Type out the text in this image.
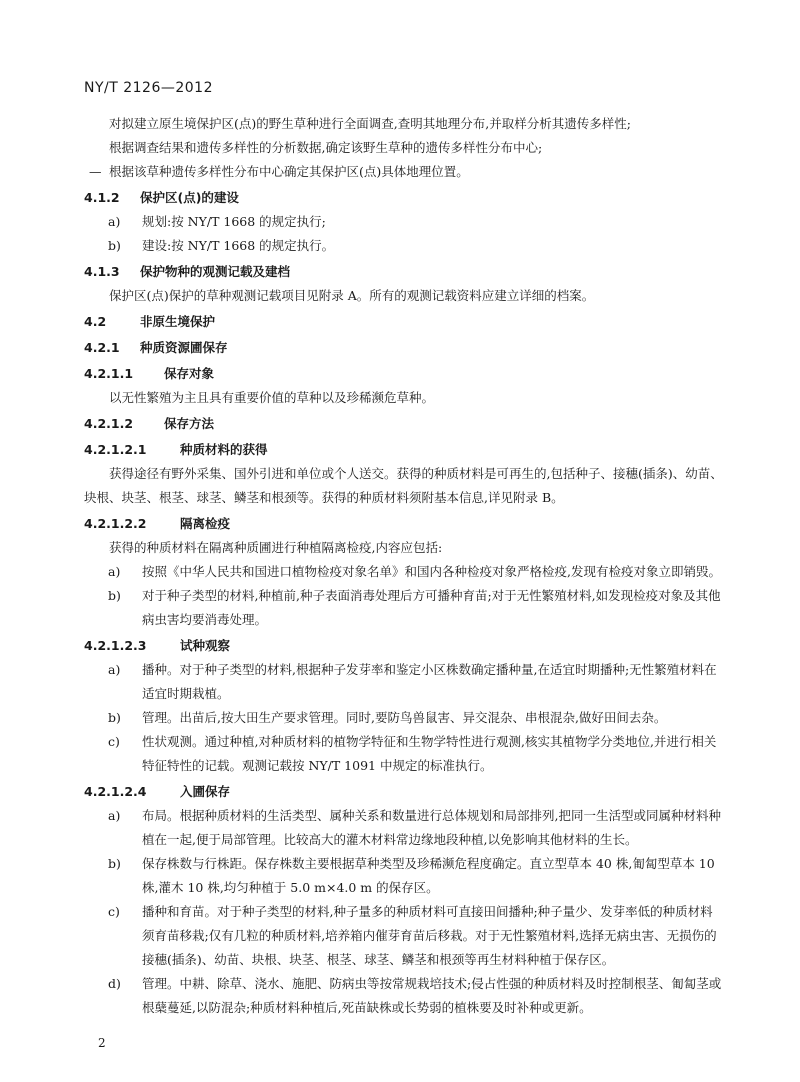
NY/T 2126—2012

对拟建立原生境保护区(点)的野生草种进行全面调查,查明其地理分布,并取样分析其遗传多样性;

根据调查结果和遗传多样性的分析数据,确定该野生草种的遗传多样性分布中心;

— 根据该草种遗传多样性分布中心确定其保护区(点)具体地理位置。

4.1.2 保护区(点)的建设

a) 规划:按 NY/T 1668 的规定执行;

b) 建设:按 NY/T 1668 的规定执行。

4.1.3 保护物种的观测记载及建档

保护区(点)保护的草种观测记载项目见附录 A。所有的观测记载资料应建立详细的档案。

4.2	非原生境保护

4.2.1 种质资源圃保存

4.2.1.1 保存对象

以无性繁殖为主且具有重要价值的草种以及珍稀濒危草种。

4.2.1.2 保存方法

4.2.1.2.1	种质材料的获得

获得途径有野外采集、国外引进和单位或个人送交。获得的种质材料是可再生的,包括种子、接穗(插条)、幼苗、块根、块茎、根茎、球茎、鳞茎和根颈等。获得的种质材料须附基本信息,详见附录 B。

4.2.1.2.2	隔离检疫

获得的种质材料在隔离种质圃进行种植隔离检疫,内容应包括:

a) 按照《中华人民共和国进口植物检疫对象名单》和国内各种检疫对象严格检疫,发现有检疫对象立即销毁。

b) 对于种子类型的材料,种植前,种子表面消毒处理后方可播种育苗;对于无性繁殖材料,如发现检疫对象及其他病虫害均要消毒处理。

4.2.1.2.3	试种观察

a) 播种。对于种子类型的材料,根据种子发芽率和鉴定小区株数确定播种量,在适宜时期播种;无性繁殖材料在适宜时期栽植。

b) 管理。出苗后,按大田生产要求管理。同时,要防鸟兽鼠害、异交混杂、串根混杂,做好田间去杂。

c) 性状观测。通过种植,对种质材料的植物学特征和生物学特性进行观测,核实其植物学分类地位,并进行相关特征特性的记载。观测记载按 NY/T 1091 中规定的标准执行。

4.2.1.2.4	入圃保存

a) 布局。根据种质材料的生活类型、属种关系和数量进行总体规划和局部排列,把同一生活型或同属种材料种植在一起,便于局部管理。比较高大的灌木材料常边缘地段种植,以免影响其他材料的生长。

b) 保存株数与行株距。保存株数主要根据草种类型及珍稀濒危程度确定。直立型草本 40 株,匍匐型草本 10 株,灌木 10 株,均匀种植于 5.0 m×4.0 m 的保存区。

c) 播种和育苗。对于种子类型的材料,种子量多的种质材料可直接田间播种;种子量少、发芽率低的种质材料须育苗移栽;仅有几粒的种质材料,培养箱内催芽育苗后移栽。对于无性繁殖材料,选择无病虫害、无损伤的接穗(插条)、幼苗、块根、块茎、根茎、球茎、鳞茎和根颈等再生材料种植于保存区。

d) 管理。中耕、除草、浇水、施肥、防病虫等按常规栽培技术;侵占性强的种质材料及时控制根茎、匍匐茎或根蘖蔓延,以防混杂;种质材料种植后,死苗缺株或长势弱的植株要及时补种或更新。

2
